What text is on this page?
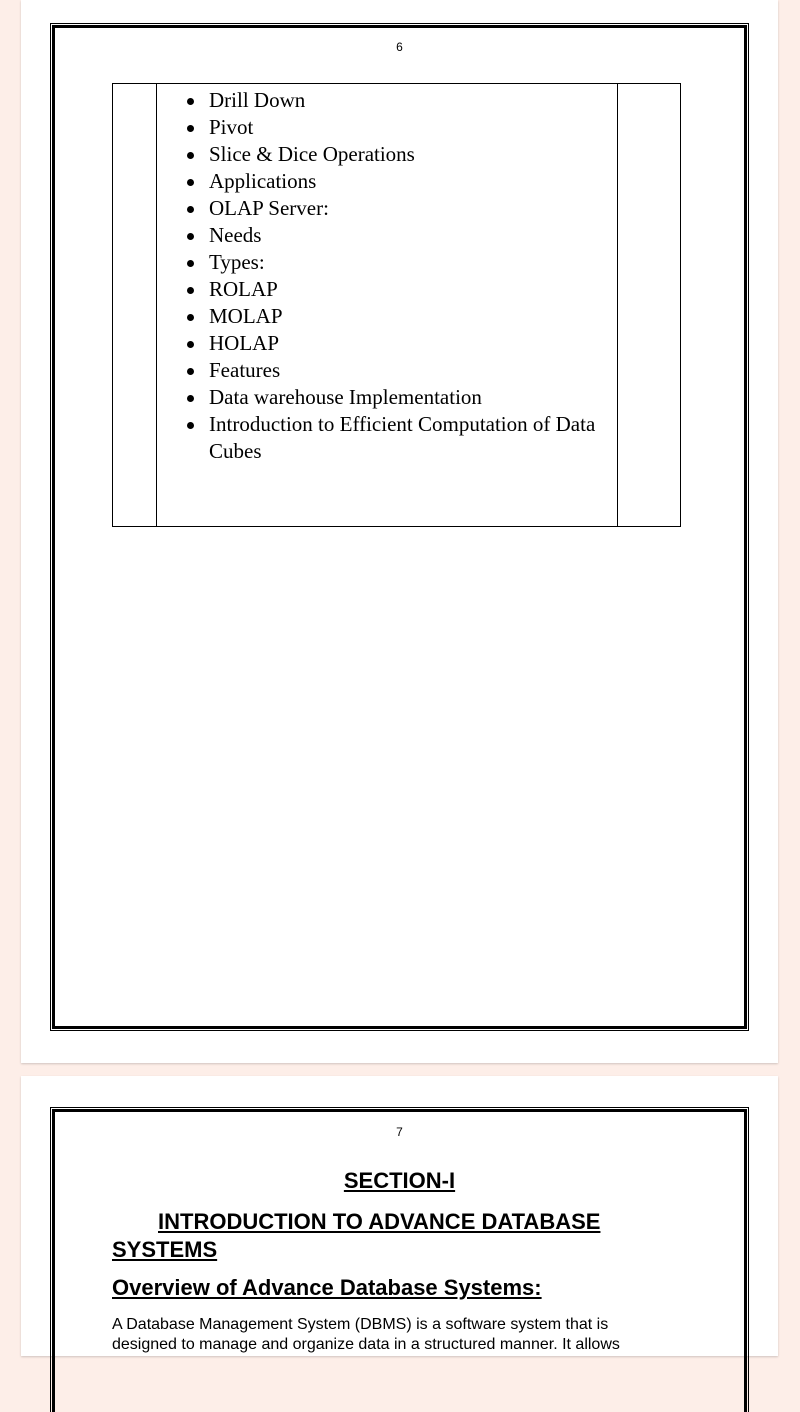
6
Drill Down
Pivot
Slice & Dice Operations
Applications
OLAP Server:
Needs
Types:
ROLAP
MOLAP
HOLAP
Features
Data warehouse Implementation
Introduction to Efficient Computation of Data Cubes
7
SECTION-I
INTRODUCTION TO ADVANCE DATABASE SYSTEMS
Overview of Advance Database Systems:
A Database Management System (DBMS) is a software system that is designed to manage and organize data in a structured manner. It allows
